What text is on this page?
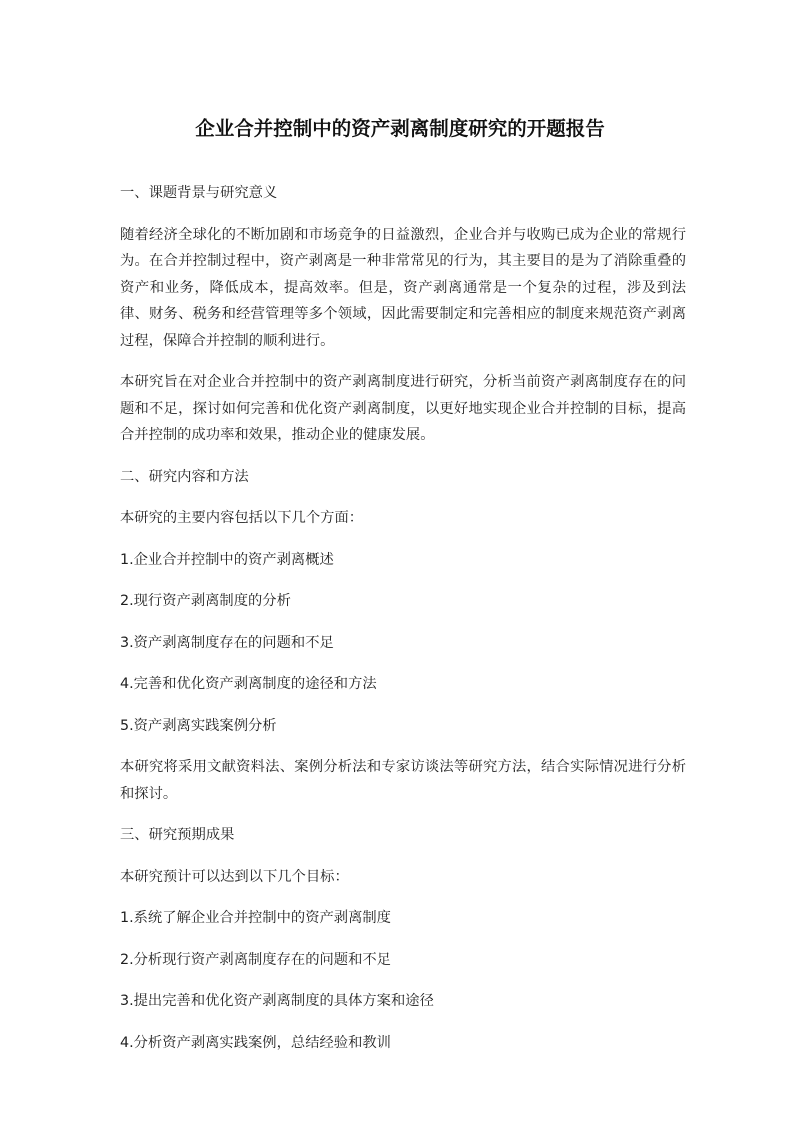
企业合并控制中的资产剥离制度研究的开题报告

一、课题背景与研究意义

随着经济全球化的不断加剧和市场竞争的日益激烈，企业合并与收购已成为企业的常规行为。在合并控制过程中，资产剥离是一种非常常见的行为，其主要目的是为了消除重叠的资产和业务，降低成本，提高效率。但是，资产剥离通常是一个复杂的过程，涉及到法律、财务、税务和经营管理等多个领域，因此需要制定和完善相应的制度来规范资产剥离过程，保障合并控制的顺利进行。

本研究旨在对企业合并控制中的资产剥离制度进行研究，分析当前资产剥离制度存在的问题和不足，探讨如何完善和优化资产剥离制度，以更好地实现企业合并控制的目标，提高合并控制的成功率和效果，推动企业的健康发展。

二、研究内容和方法

本研究的主要内容包括以下几个方面：

1.企业合并控制中的资产剥离概述

2.现行资产剥离制度的分析

3.资产剥离制度存在的问题和不足

4.完善和优化资产剥离制度的途径和方法

5.资产剥离实践案例分析

本研究将采用文献资料法、案例分析法和专家访谈法等研究方法，结合实际情况进行分析和探讨。

三、研究预期成果

本研究预计可以达到以下几个目标：

1.系统了解企业合并控制中的资产剥离制度

2.分析现行资产剥离制度存在的问题和不足

3.提出完善和优化资产剥离制度的具体方案和途径

4.分析资产剥离实践案例，总结经验和教训
